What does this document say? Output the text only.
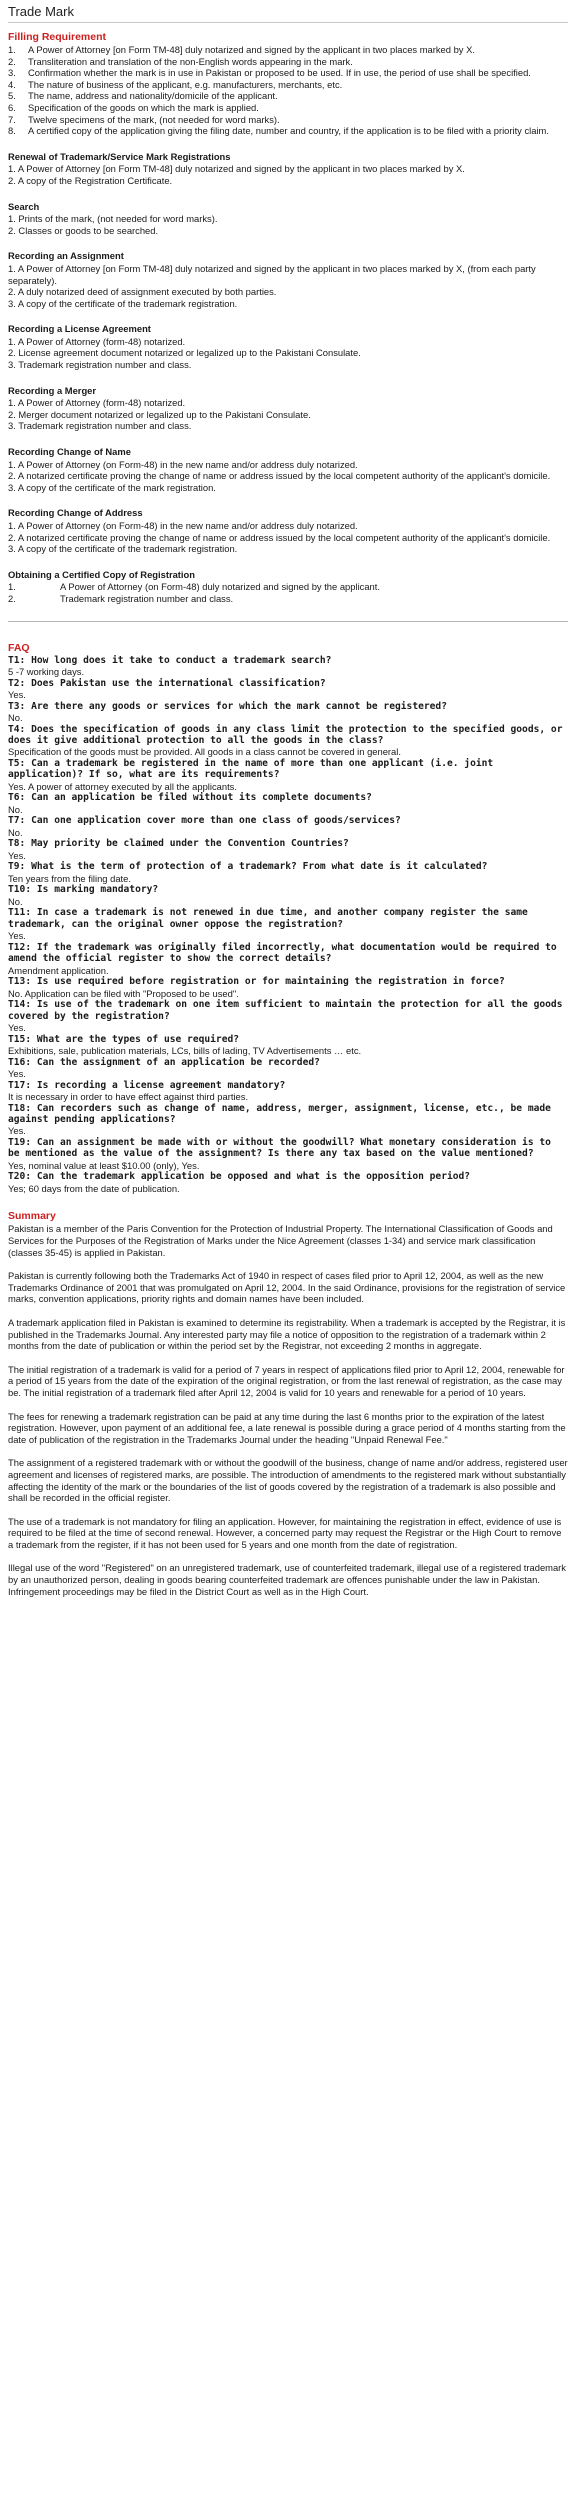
Trade Mark
Filling Requirement
1. A Power of Attorney [on Form TM-48] duly notarized and signed by the applicant in two places marked by X.
2. Transliteration and translation of the non-English words appearing in the mark.
3. Confirmation whether the mark is in use in Pakistan or proposed to be used. If in use, the period of use shall be specified.
4. The nature of business of the applicant, e.g. manufacturers, merchants, etc.
5. The name, address and nationality/domicile of the applicant.
6. Specification of the goods on which the mark is applied.
7. Twelve specimens of the mark, (not needed for word marks).
8. A certified copy of the application giving the filing date, number and country, if the application is to be filed with a priority claim.
Renewal of Trademark/Service Mark Registrations
1. A Power of Attorney [on Form TM-48] duly notarized and signed by the applicant in two places marked by X.
2. A copy of the Registration Certificate.
Search
1. Prints of the mark, (not needed for word marks).
2. Classes or goods to be searched.
Recording an Assignment
1. A Power of Attorney [on Form TM-48] duly notarized and signed by the applicant in two places marked by X, (from each party separately).
2. A duly notarized deed of assignment executed by both parties.
3. A copy of the certificate of the trademark registration.
Recording a License Agreement
1. A Power of Attorney (form-48) notarized.
2. License agreement document notarized or legalized up to the Pakistani Consulate.
3. Trademark registration number and class.
Recording a Merger
1. A Power of Attorney (form-48) notarized.
2. Merger document notarized or legalized up to the Pakistani Consulate.
3. Trademark registration number and class.
Recording Change of Name
1. A Power of Attorney (on Form-48) in the new name and/or address duly notarized.
2. A notarized certificate proving the change of name or address issued by the local competent authority of the applicant's domicile.
3. A copy of the certificate of the mark registration.
Recording Change of Address
1. A Power of Attorney (on Form-48) in the new name and/or address duly notarized.
2. A notarized certificate proving the change of name or address issued by the local competent authority of the applicant's domicile.
3. A copy of the certificate of the trademark registration.
Obtaining a Certified Copy of Registration
1.	A Power of Attorney (on Form-48) duly notarized and signed by the applicant.
2.	Trademark registration number and class.
FAQ
T1: How long does it take to conduct a trademark search?
5 -7 working days.
T2: Does Pakistan use the international classification?
Yes.
T3: Are there any goods or services for which the mark cannot be registered?
No.
T4: Does the specification of goods in any class limit the protection to the specified goods, or does it give additional protection to all the goods in the class?
Specification of the goods must be provided. All goods in a class cannot be covered in general.
T5: Can a trademark be registered in the name of more than one applicant (i.e. joint application)? If so, what are its requirements?
Yes. A power of attorney executed by all the applicants.
T6: Can an application be filed without its complete documents?
No.
T7: Can one application cover more than one class of goods/services?
No.
T8: May priority be claimed under the Convention Countries?
Yes.
T9: What is the term of protection of a trademark? From what date is it calculated?
Ten years from the filing date.
T10: Is marking mandatory?
No.
T11: In case a trademark is not renewed in due time, and another company register the same trademark, can the original owner oppose the registration?
Yes.
T12: If the trademark was originally filed incorrectly, what documentation would be required to amend the official register to show the correct details?
Amendment application.
T13: Is use required before registration or for maintaining the registration in force?
No. Application can be filed with "Proposed to be used".
T14: Is use of the trademark on one item sufficient to maintain the protection for all the goods covered by the registration?
Yes.
T15: What are the types of use required?
Exhibitions, sale, publication materials, LCs, bills of lading, TV Advertisements … etc.
T16: Can the assignment of an application be recorded?
Yes.
T17: Is recording a license agreement mandatory?
It is necessary in order to have effect against third parties.
T18: Can recorders such as change of name, address, merger, assignment, license, etc., be made against pending applications?
Yes.
T19: Can an assignment be made with or without the goodwill? What monetary consideration is to be mentioned as the value of the assignment? Is there any tax based on the value mentioned?
Yes, nominal value at least $10.00 (only), Yes.
T20: Can the trademark application be opposed and what is the opposition period?
Yes; 60 days from the date of publication.
Summary

Pakistan is a member of the Paris Convention for the Protection of Industrial Property. The International Classification of Goods and Services for the Purposes of the Registration of Marks under the Nice Agreement (classes 1-34) and service mark classification (classes 35-45) is applied in Pakistan.

Pakistan is currently following both the Trademarks Act of 1940 in respect of cases filed prior to April 12, 2004, as well as the new Trademarks Ordinance of 2001 that was promulgated on April 12, 2004. In the said Ordinance, provisions for the registration of service marks, convention applications, priority rights and domain names have been included.

A trademark application filed in Pakistan is examined to determine its registrability. When a trademark is accepted by the Registrar, it is published in the Trademarks Journal. Any interested party may file a notice of opposition to the registration of a trademark within 2 months from the date of publication or within the period set by the Registrar, not exceeding 2 months in aggregate.

The initial registration of a trademark is valid for a period of 7 years in respect of applications filed prior to April 12, 2004, renewable for a period of 15 years from the date of the expiration of the original registration, or from the last renewal of registration, as the case may be. The initial registration of a trademark filed after April 12, 2004 is valid for 10 years and renewable for a period of 10 years.

The fees for renewing a trademark registration can be paid at any time during the last 6 months prior to the expiration of the latest registration. However, upon payment of an additional fee, a late renewal is possible during a grace period of 4 months starting from the date of publication of the registration in the Trademarks Journal under the heading "Unpaid Renewal Fee."

The assignment of a registered trademark with or without the goodwill of the business, change of name and/or address, registered user agreement and licenses of registered marks, are possible. The introduction of amendments to the registered mark without substantially affecting the identity of the mark or the boundaries of the list of goods covered by the registration of a trademark is also possible and shall be recorded in the official register.

The use of a trademark is not mandatory for filing an application. However, for maintaining the registration in effect, evidence of use is required to be filed at the time of second renewal. However, a concerned party may request the Registrar or the High Court to remove a trademark from the register, if it has not been used for 5 years and one month from the date of registration.

Illegal use of the word "Registered" on an unregistered trademark, use of counterfeited trademark, illegal use of a registered trademark by an unauthorized person, dealing in goods bearing counterfeited trademark are offences punishable under the law in Pakistan. Infringement proceedings may be filed in the District Court as well as in the High Court.
